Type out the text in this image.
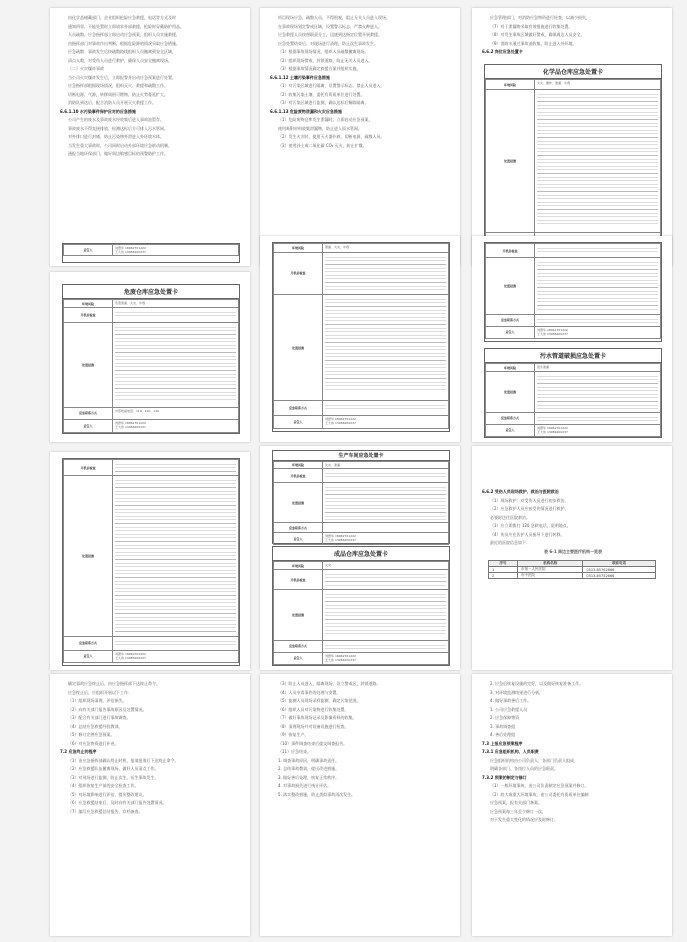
由化学品储藏部门，企业组织抢险应急救援，电话等方式及时

通知四邻，不能处置时立即请求外部救援，抢险时穿戴防护用品，

人员疏散。应急指挥部立即启动应急预案，组织人员实施救援，

由指挥部门对事故作出判断，根据危险源的情况采取应急措施。

应急疏散：事故发生后按疏散路线组织人员撤离到安全区域，

清点人数，对受伤人员进行救护，确保人员安全撤离现场。

（二）火灾爆炸事故

当公司火灾爆炸发生后，立即报警并启动应急预案进行处置。

应急指挥部根据现场情况，组织灭火、救援和疏散工作。

切断电源、气源，转移周围可燃物，防止火势蔓延扩大。

消防队到达后，配合消防人员开展灭火救援工作。

6.6.1.10 水污染事件保护应对的应急措施

公司产生的废水及事故废水经收集后进入事故池暂存。

事故废水不得直接排放，检测达标后方可排入污水管网。

对外排口进行封堵，防止污染物外泄进入外环境水体。

当发生重大事故时，公司同时启动外部环境应急联动机制，

通报当地环保部门，做好周边敏感目标的预警防护工作。

责任人	刘德华 18962701222

王大伟 13986200237

项目现场应急，疏散人员，不得围观，阻止无关人员进入现场。

在事故现场划定警戒区域，设置警示标志，严禁火种进入。

应急救援人员按照职责分工，迅速到达指定位置开展救援。

应急处置结束后，对现场进行清理，防止次生事故发生。

（1）根据事故现场情况，组织人员疏散撤离现场。

（2）组织现场警戒，封锁道路，防止无关人员进入。

（3）根据事故情况确定救援方案并组织实施。

6.6.1.12 土壤污染事件应急措施

（1）对污染区域进行隔离，设置警示标志，禁止人员进入。

（2）收集污染土壤，委托有资质单位进行处置。

（3）对污染区域进行监测，确认达标后解除隔离。

6.6.1.13 危险废物泄漏和火灾应急措施

（1）危险废物仓库发生泄漏时，立即启动应急预案，

使用吸附材料收集泄漏物，防止进入雨水管网。

（2）发生火灾时，使用灭火器扑救，切断电源，疏散人员。

（3）使用沙土或二氧化碳 CO₂ 灭火，防止扩散。

应急管理部门，对消防应急物资进行检查，以减少损失，

（7）对于泄漏物采取有效措施进行收集处置。

（8）对发生事故区域做好警戒，确保周边人员安全。

（9）消防水通过事故池收集，防止进入外环境。

6.6.2 岗位应急处置卡

化学品仓库应急处置卡
环境风险	火灾、爆炸、泄漏、中毒
处置措施	

危废仓库应急处置卡
环境风险	危废泄漏、火灾、中毒
开机前检查	

处置措施	

应急联系方式	外部救援电话：119、120、110
责任人	刘德华 18962701222

王大伟 13986200237

环境风险	泄漏、火灾、中毒
开机前检查	

处置措施	

应急联系方式	

责任人	刘德华 18962701222

王大伟 13986200237

开机前检查	

处置措施	

应急联系方式	

责任人	刘德华 18962701222

王大伟 13986200237

污水管道破损应急处置卡
环境风险	废水泄漏
处置措施	

应急联系方式	

责任人	刘德华 18962701222

王大伟 13986200237

开机前检查	

处置措施	

应急联系方式	

责任人	刘德华 18962701222

王大伟 13986200237

生产车间应急处置卡
环境风险	火灾、泄漏
开机前检查	

处置措施	

应急联系方式	
责任人	刘德华 18962701222

王大伟 13986200237

成品仓库应急处置卡
环境风险	火灾
开机前检查	

处置措施	

应急联系方式	

责任人	刘德华 18962701222

王大伟 13986200237

6.6.2 受伤人员现场救护、救治与医院救治

（1）现场救护：对受伤人员进行初步救治。

（2）应急救护人员应按受伤情况进行救护，

必要时送往医院救治。

（3）应立即拨打 120 急救电话，说明地点。

（4）伤员应在医护人员指导下进行转移。

最近的医院信息如下：

表 6-1 周边主要医疗机构一览表

序号	机构名称	联系电话
1	市第一人民医院	0513-85762666
2	市中医院	0513-85752666

确定事故应急终止后，由应急指挥部下达终止命令。

应急终止后，应组织开展以下工作：

（1）组织现场清理、评估损失。

（2）向有关部门报告事故原因及处置情况。

（3）配合有关部门进行事故调查。

（4）总结应急救援经验教训。

（5）修订完善应急预案。

（6）对应急物资进行补充。

7.2 应急终止的程序

（1）由应急指挥部确认终止时机，报请批准后下达终止命令。

（2）应急救援队伍撤离现场，做好人员清点工作。

（3）对现场进行监测，防止次生、衍生事故发生。

（4）组织恢复生产前的安全检查工作。

（5）对环境影响进行评估，提出整改建议。

（6）应急救援结束后，及时向有关部门报告处置情况。

（7）编写应急救援总结报告，存档备查。

（3）防止人员进入，隔离现场，设立警戒区，封锁道路。

（4）人员中毒事件的处理与安置。

（5）监测人员现场采样监测，确定污染范围。

（6）组织人员对污染物进行收集处置。

（7）做好事故现场记录及影像资料的收集。

（8）清理现场并对设备设施进行检查。

（9）恢复生产。

（10）事件调查结束后提交调查报告。

（11）应急结束。

1. 调查事故原因，明确事故责任。

2. 总结事故教训，提出改进措施。

3. 做好善后处理，恢复正常秩序。

4. 对事故损失进行统计评估。

5. 落实整改措施，防止类似事故再次发生。

2. 应急后恢复设施的完好，以及做好恢复准备工作。

3. 对环境监测结果进行分析，

4. 做好事故善后工作。

1. 公司应急救援人员

2. 应急保障物资

3. 事故调查组

4. 善后处理组

7.3 上报应急预案程序

7.3.1 应急组织机构、人员职责

应急组织机构由公司负责人、各部门负责人组成，

明确各部门、各岗位人员的应急职责。

7.3.2 预案的制定与修订

（1）一般环境事故，由公司负责制定应急预案并修订。

（2）较大或重大环境事故，由公司委托有资质单位编制

应急预案，报有关部门备案。

应急预案每三年至少修订一次，

对于发生重大变化的情况应及时修订。
